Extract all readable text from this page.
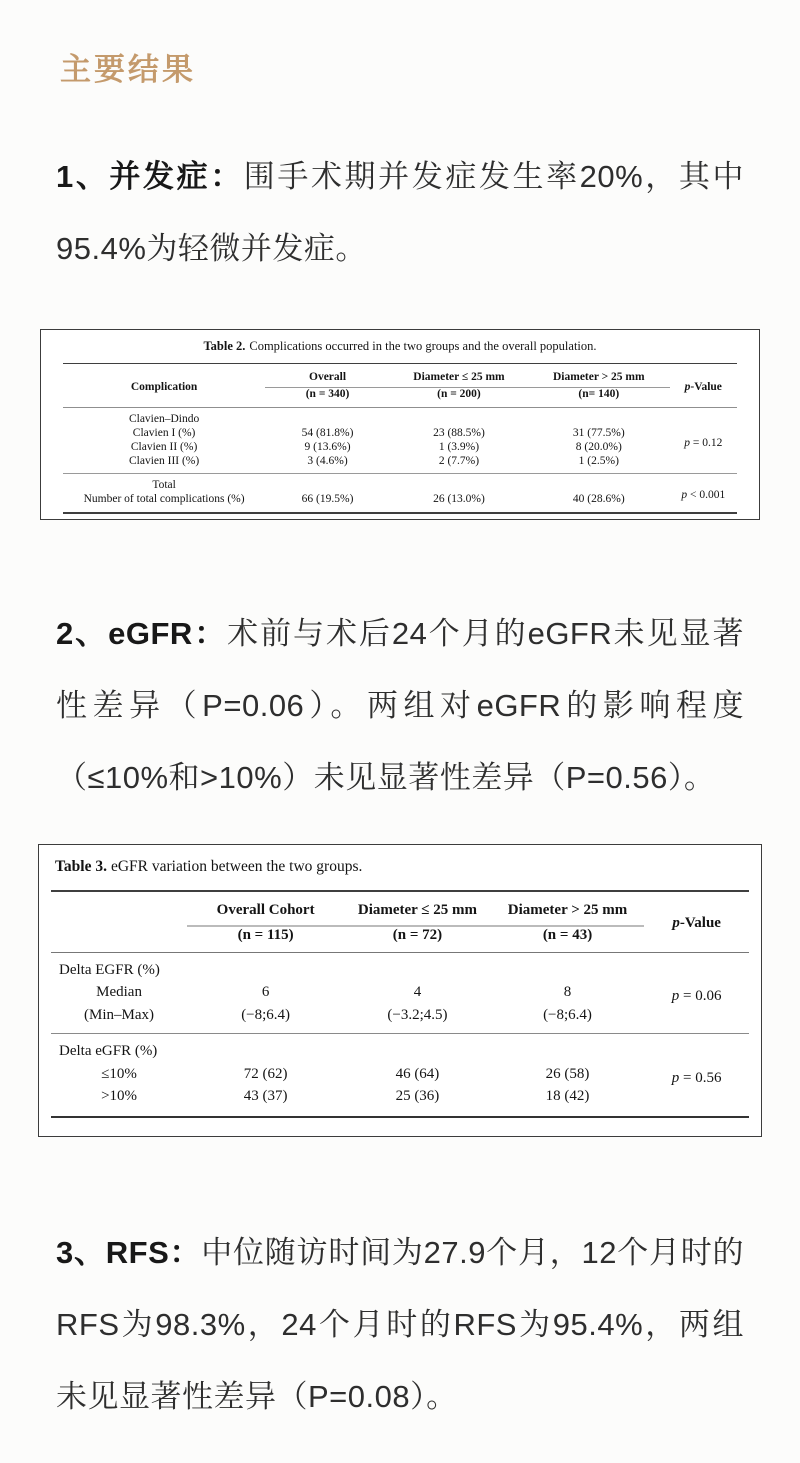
主要结果

1、并发症：围手术期并发症发生率20%，其中95.4%为轻微并发症。

Table 2. Complications occurred in the two groups and the overall population.

Complication	Overall	Diameter ≤ 25 mm	Diameter > 25 mm	p-Value
	(n = 340)	(n = 200)	(n= 140)	
Clavien–Dindo				p = 0.12
Clavien I (%)	54 (81.8%)	23 (88.5%)	31 (77.5%)	
Clavien II (%)	9 (13.6%)	1 (3.9%)	8 (20.0%)	
Clavien III (%)	3 (4.6%)	2 (7.7%)	1 (2.5%)	
Total				p < 0.001
Number of total complications (%)	66 (19.5%)	26 (13.0%)	40 (28.6%)	

2、eGFR：术前与术后24个月的eGFR未见显著性差异（P=0.06）。两组对eGFR的影响程度（≤10%和>10%）未见显著性差异（P=0.56）。

Table 3. eGFR variation between the two groups.

	Overall Cohort	Diameter ≤ 25 mm	Diameter > 25 mm	p-Value
	(n = 115)	(n = 72)	(n = 43)	
Delta EGFR (%)				p = 0.06
Median	6	4	8	
(Min–Max)	(−8;6.4)	(−3.2;4.5)	(−8;6.4)	
Delta eGFR (%)				p = 0.56
≤10%	72 (62)	46 (64)	26 (58)	
>10%	43 (37)	25 (36)	18 (42)	

3、RFS：中位随访时间为27.9个月，12个月时的RFS为98.3%，24个月时的RFS为95.4%，两组未见显著性差异（P=0.08）。
